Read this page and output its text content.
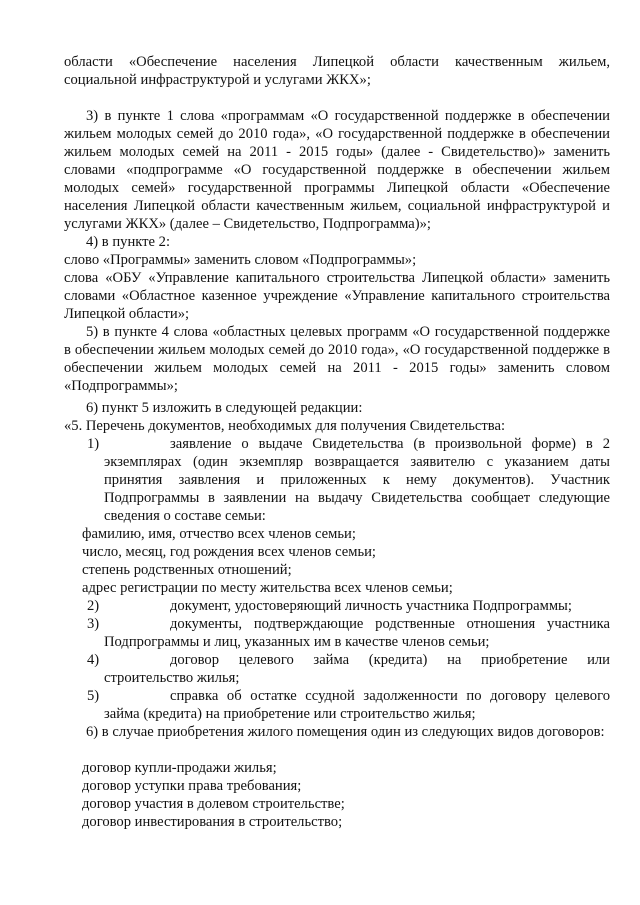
области «Обеспечение населения Липецкой области качественным жильем, социальной инфраструктурой и услугами ЖКХ»;

3) в пункте 1 слова «программам «О государственной поддержке в обеспечении жильем молодых семей до 2010 года», «О государственной поддержке в обеспечении жильем молодых семей на 2011 - 2015 годы» (далее - Свидетельство)» заменить словами «подпрограмме «О государственной поддержке в обеспечении жильем молодых семей» государственной программы Липецкой области «Обеспечение населения Липецкой области качественным жильем, социальной инфраструктурой и услугами ЖКХ» (далее – Свидетельство, Подпрограмма)»;

4) в пункте 2:

слово «Программы» заменить словом «Подпрограммы»;

слова «ОБУ «Управление капитального строительства Липецкой области» заменить словами «Областное казенное учреждение «Управление капитального строительства Липецкой области»;

5) в пункте 4 слова «областных целевых программ «О государственной поддержке в обеспечении жильем молодых семей до 2010 года», «О государственной поддержке в обеспечении жильем молодых семей на 2011 - 2015 годы» заменить словом «Подпрограммы»;

6) пункт 5 изложить в следующей редакции:

«5. Перечень документов, необходимых для получения Свидетельства:

1)	заявление о выдаче Свидетельства (в произвольной форме) в 2

экземплярах (один экземпляр возвращается заявителю с указанием даты принятия заявления и приложенных к нему документов). Участник Подпрограммы в заявлении на выдачу Свидетельства сообщает следующие сведения о составе семьи:

фамилию, имя, отчество всех членов семьи;

число, месяц, год рождения всех членов семьи;

степень родственных отношений;

адрес регистрации по месту жительства всех членов семьи;

2)	документ, удостоверяющий личность участника Подпрограммы;

3)	документы, подтверждающие родственные отношения участника

Подпрограммы и лиц, указанных им в качестве членов семьи;

4)	договор целевого займа (кредита) на приобретение или

строительство жилья;

5)	справка об остатке ссудной задолженности по договору целевого

займа (кредита) на приобретение или строительство жилья;

6) в случае приобретения жилого помещения один из следующих видов договоров:

договор купли-продажи жилья;

договор уступки права требования;

договор участия в долевом строительстве;

договор инвестирования в строительство;
